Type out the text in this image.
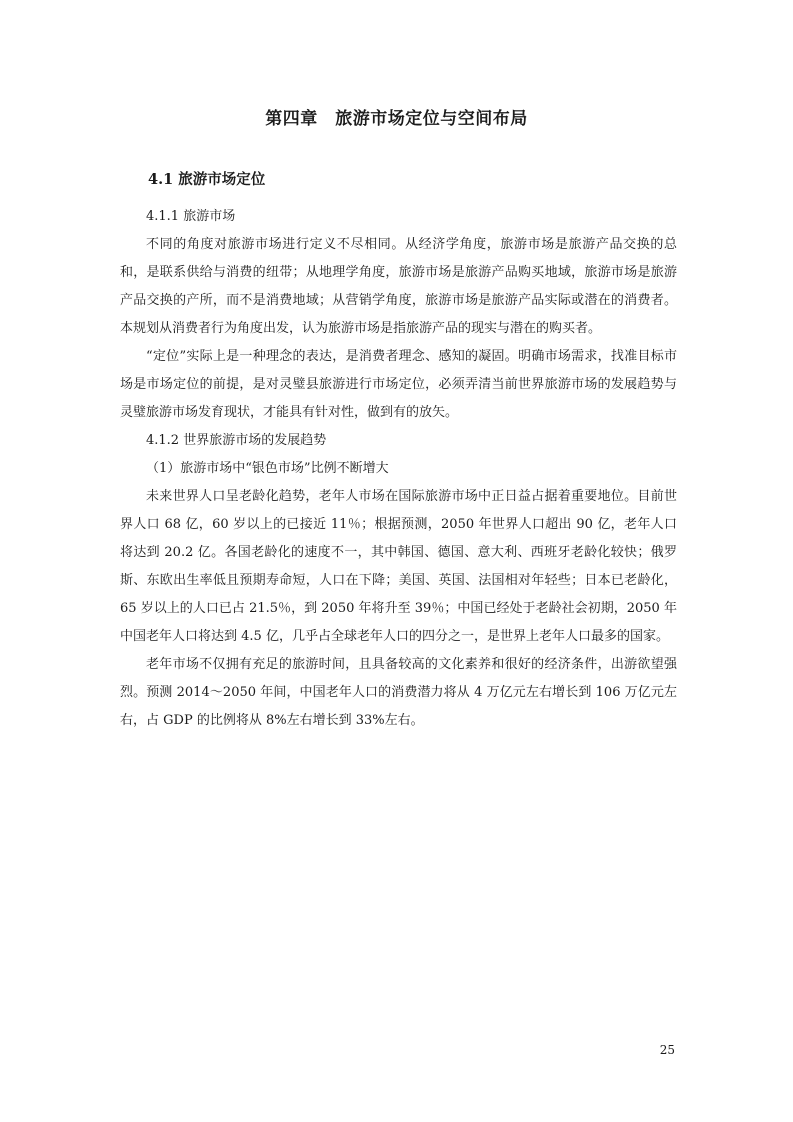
第四章　旅游市场定位与空间布局
4.1 旅游市场定位

4.1.1 旅游市场

不同的角度对旅游市场进行定义不尽相同。从经济学角度，旅游市场是旅游产品交换的总和，是联系供给与消费的纽带；从地理学角度，旅游市场是旅游产品购买地域，旅游市场是旅游产品交换的产所，而不是消费地域；从营销学角度，旅游市场是旅游产品实际或潜在的消费者。本规划从消费者行为角度出发，认为旅游市场是指旅游产品的现实与潜在的购买者。

“定位”实际上是一种理念的表达，是消费者理念、感知的凝固。明确市场需求，找准目标市场是市场定位的前提，是对灵璧县旅游进行市场定位，必须弄清当前世界旅游市场的发展趋势与灵璧旅游市场发育现状，才能具有针对性，做到有的放矢。

4.1.2 世界旅游市场的发展趋势

（1）旅游市场中“银色市场”比例不断增大

未来世界人口呈老龄化趋势，老年人市场在国际旅游市场中正日益占据着重要地位。目前世界人口 68 亿，60 岁以上的已接近 11％；根据预测，2050 年世界人口超出 90 亿，老年人口将达到 20.2 亿。各国老龄化的速度不一，其中韩国、德国、意大利、西班牙老龄化较快；俄罗斯、东欧出生率低且预期寿命短，人口在下降；美国、英国、法国相对年轻些；日本已老龄化，65 岁以上的人口已占 21.5％，到 2050 年将升至 39％；中国已经处于老龄社会初期，2050 年中国老年人口将达到 4.5 亿，几乎占全球老年人口的四分之一，是世界上老年人口最多的国家。

老年市场不仅拥有充足的旅游时间，且具备较高的文化素养和很好的经济条件，出游欲望强烈。预测 2014～2050 年间，中国老年人口的消费潜力将从 4 万亿元左右增长到 106 万亿元左右，占 GDP 的比例将从 8%左右增长到 33%左右。

25
